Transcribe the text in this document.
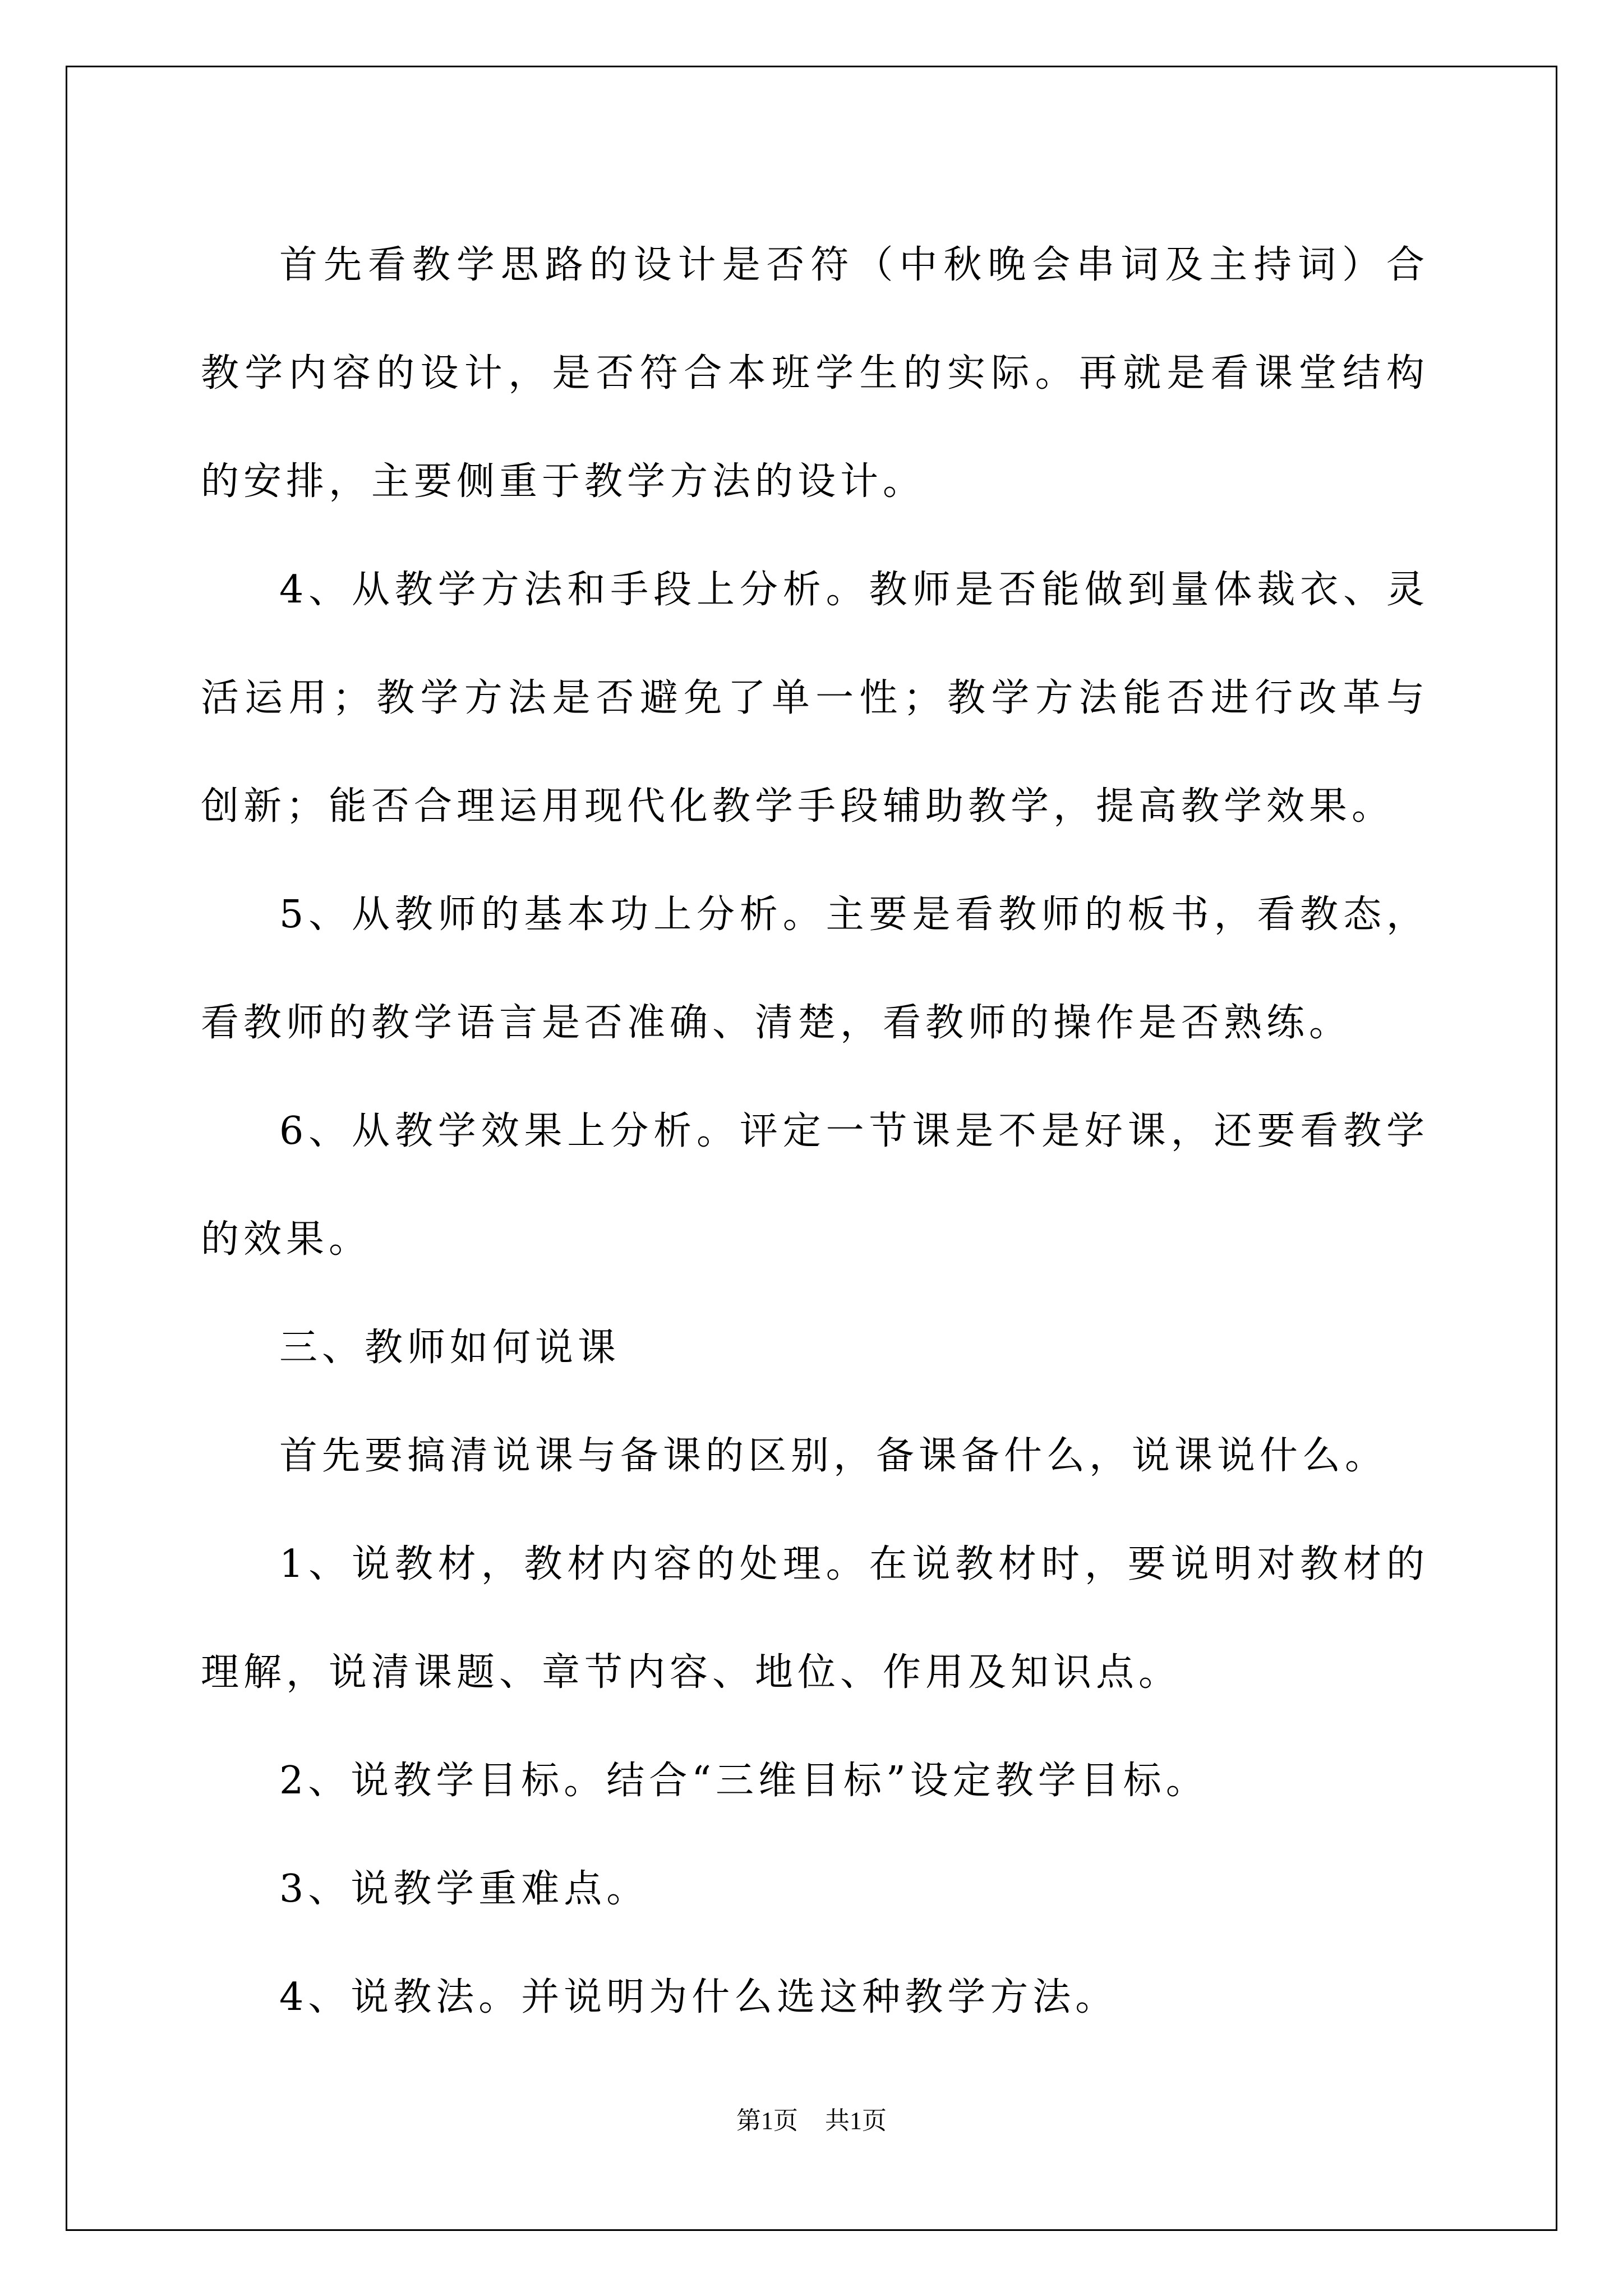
首先看教学思路的设计是否符（中秋晚会串词及主持词）合教学内容的设计，是否符合本班学生的实际。再就是看课堂结构的安排，主要侧重于教学方法的设计。

4、从教学方法和手段上分析。教师是否能做到量体裁衣、灵活运用；教学方法是否避免了单一性；教学方法能否进行改革与创新；能否合理运用现代化教学手段辅助教学，提高教学效果。

5、从教师的基本功上分析。主要是看教师的板书，看教态，看教师的教学语言是否准确、清楚，看教师的操作是否熟练。

6、从教学效果上分析。评定一节课是不是好课，还要看教学的效果。

三、教师如何说课

首先要搞清说课与备课的区别，备课备什么，说课说什么。

1、说教材，教材内容的处理。在说教材时，要说明对教材的理解，说清课题、章节内容、地位、作用及知识点。

2、说教学目标。结合“三维目标”设定教学目标。

3、说教学重难点。

4、说教法。并说明为什么选这种教学方法。

第1页 共1页
